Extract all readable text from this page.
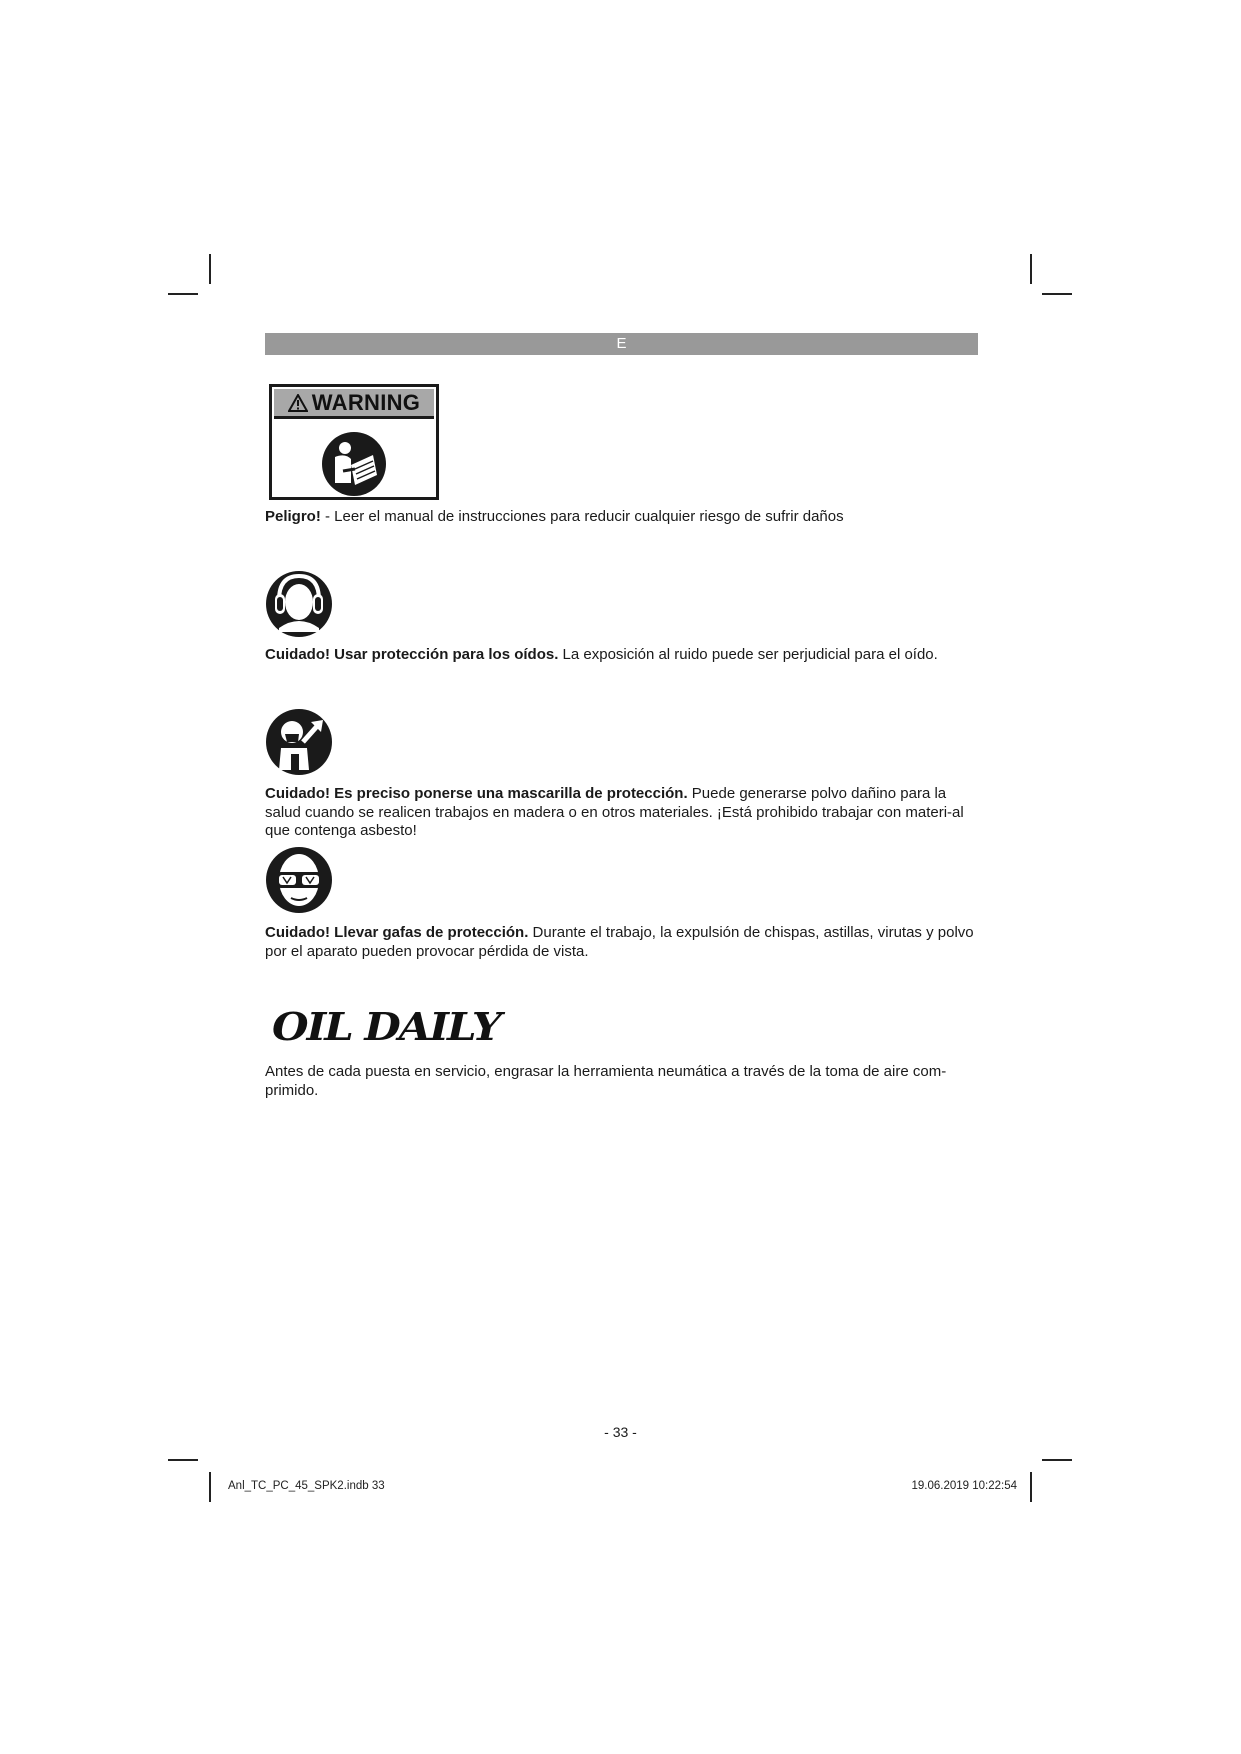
E
WARNING

Peligro! - Leer el manual de instrucciones para reducir cualquier riesgo de sufrir daños

Cuidado! Usar protección para los oídos. La exposición al ruido puede ser perjudicial para el oído.

Cuidado! Es preciso ponerse una mascarilla de protección. Puede generarse polvo dañino para la salud cuando se realicen trabajos en madera o en otros materiales. ¡Está prohibido trabajar con materi-al que contenga asbesto!

Cuidado! Llevar gafas de protección. Durante el trabajo, la expulsión de chispas, astillas, virutas y polvo por el aparato pueden provocar pérdida de vista.

OIL DAILY

Antes de cada puesta en servicio, engrasar la herramienta neumática a través de la toma de aire com-primido.

- 33 -
Anl_TC_PC_45_SPK2.indb 33	19.06.2019 10:22:54
